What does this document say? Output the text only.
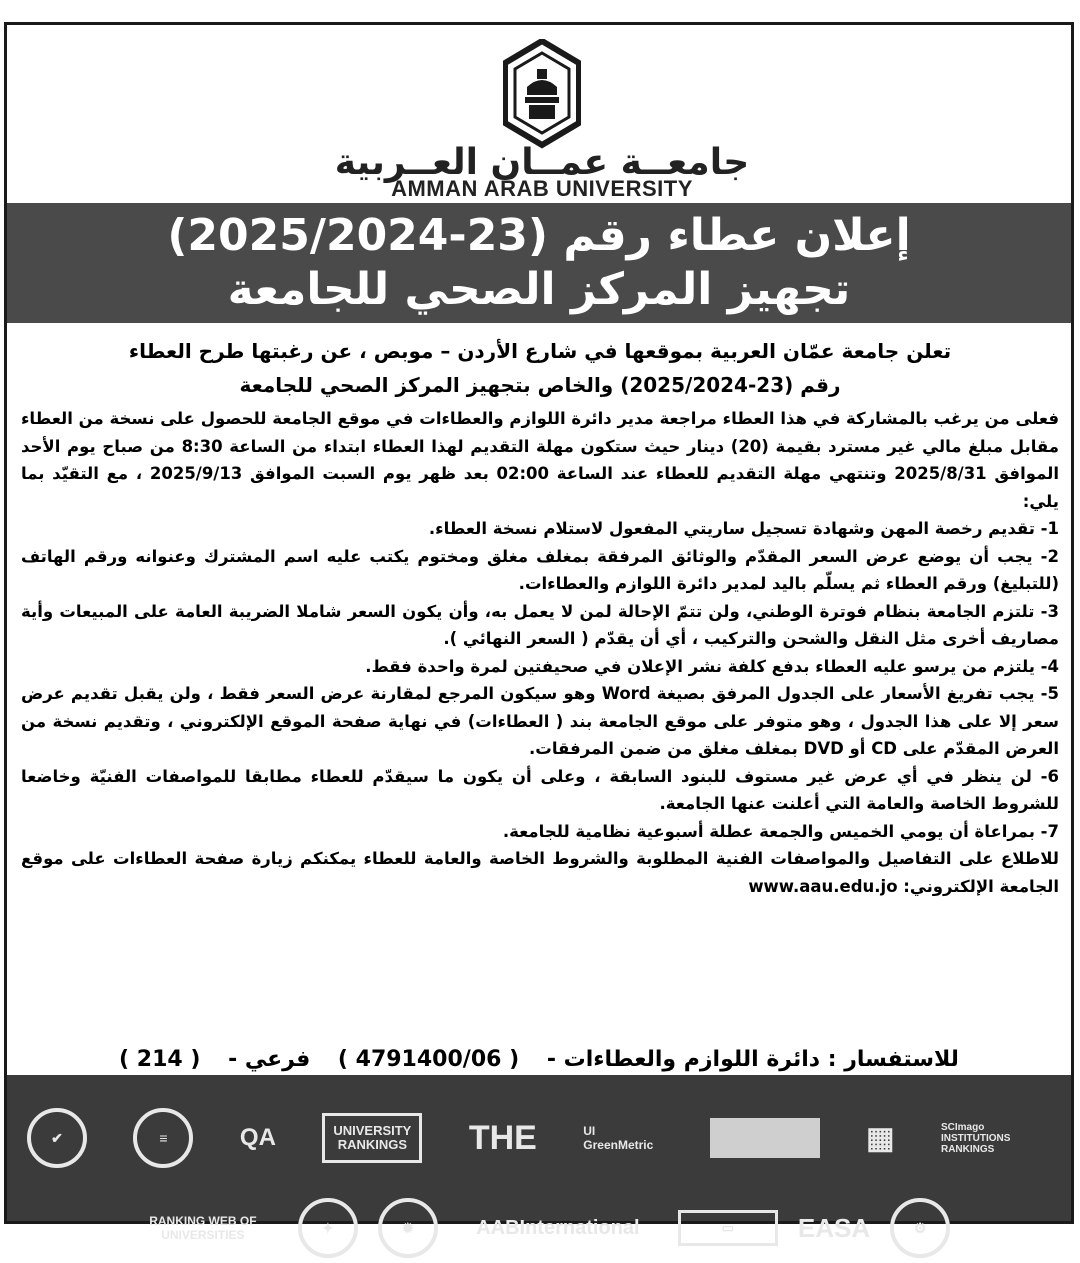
جامعــة عمــان العــربية
AMMAN ARAB UNIVERSITY
إعلان عطاء رقم (23-2025/2024)
تجهيز المركز الصحي للجامعة

تعلن جامعة عمّان العربية بموقعها في شارع الأردن – موبص ، عن رغبتها طرح العطاء

رقم (23-2025/2024) والخاص بتجهيز المركز الصحي للجامعة

فعلى من يرغب بالمشاركة في هذا العطاء مراجعة مدير دائرة اللوازم والعطاءات في موقع الجامعة للحصول على نسخة من العطاء مقابل مبلغ مالي غير مسترد بقيمة (20) دينار حيث ستكون مهلة التقديم لهذا العطاء ابتداء من الساعة 8:30 من صباح يوم الأحد الموافق 2025/8/31 وتنتهي مهلة التقديم للعطاء عند الساعة 02:00 بعد ظهر يوم السبت الموافق 2025/9/13 ، مع التقيّد بما يلي:

1- تقديم رخصة المهن وشهادة تسجيل ساريتي المفعول لاستلام نسخة العطاء.

2- يجب أن يوضع عرض السعر المقدّم والوثائق المرفقة بمغلف مغلق ومختوم يكتب عليه اسم المشترك وعنوانه ورقم الهاتف (للتبليغ) ورقم العطاء ثم يسلّم باليد لمدير دائرة اللوازم والعطاءات.

3- تلتزم الجامعة بنظام فوترة الوطني، ولن تتمّ الإحالة لمن لا يعمل به، وأن يكون السعر شاملا الضريبة العامة على المبيعات وأية مصاريف أخرى مثل النقل والشحن والتركيب ، أي أن يقدّم ( السعر النهائي ).

4- يلتزم من يرسو عليه العطاء بدفع كلفة نشر الإعلان في صحيفتين لمرة واحدة فقط.

5- يجب تفريغ الأسعار على الجدول المرفق بصيغة Word وهو سيكون المرجع لمقارنة عرض السعر فقط ، ولن يقبل تقديم عرض سعر إلا على هذا الجدول ، وهو متوفر على موقع الجامعة بند ( العطاءات) في نهاية صفحة الموقع الإلكتروني ، وتقديم نسخة من العرض المقدّم على CD أو DVD بمغلف مغلق من ضمن المرفقات.

6- لن ينظر في أي عرض غير مستوف للبنود السابقة ، وعلى أن يكون ما سيقدّم للعطاء مطابقا للمواصفات الفنيّة وخاضعا للشروط الخاصة والعامة التي أعلنت عنها الجامعة.

7- بمراعاة أن يومي الخميس والجمعة عطلة أسبوعية نظامية للجامعة.

للاطلاع على التفاصيل والمواصفات الفنية المطلوبة والشروط الخاصة والعامة للعطاء يمكنكم زيارة صفحة العطاءات على موقع الجامعة الإلكتروني: www.aau.edu.jo

للاستفسار : دائرة اللوازم والعطاءات - ( 4791400/06 ) فرعي - ( 214 )
✔	≡	QA	UNIVERSITY RANKINGS	THE	UI GreenMetric	▦	SCImago INSTITUTIONS RANKINGS
RANKING WEB OF UNIVERSITIES	✦	✹	AABInternational	▭	EASA	⚙
